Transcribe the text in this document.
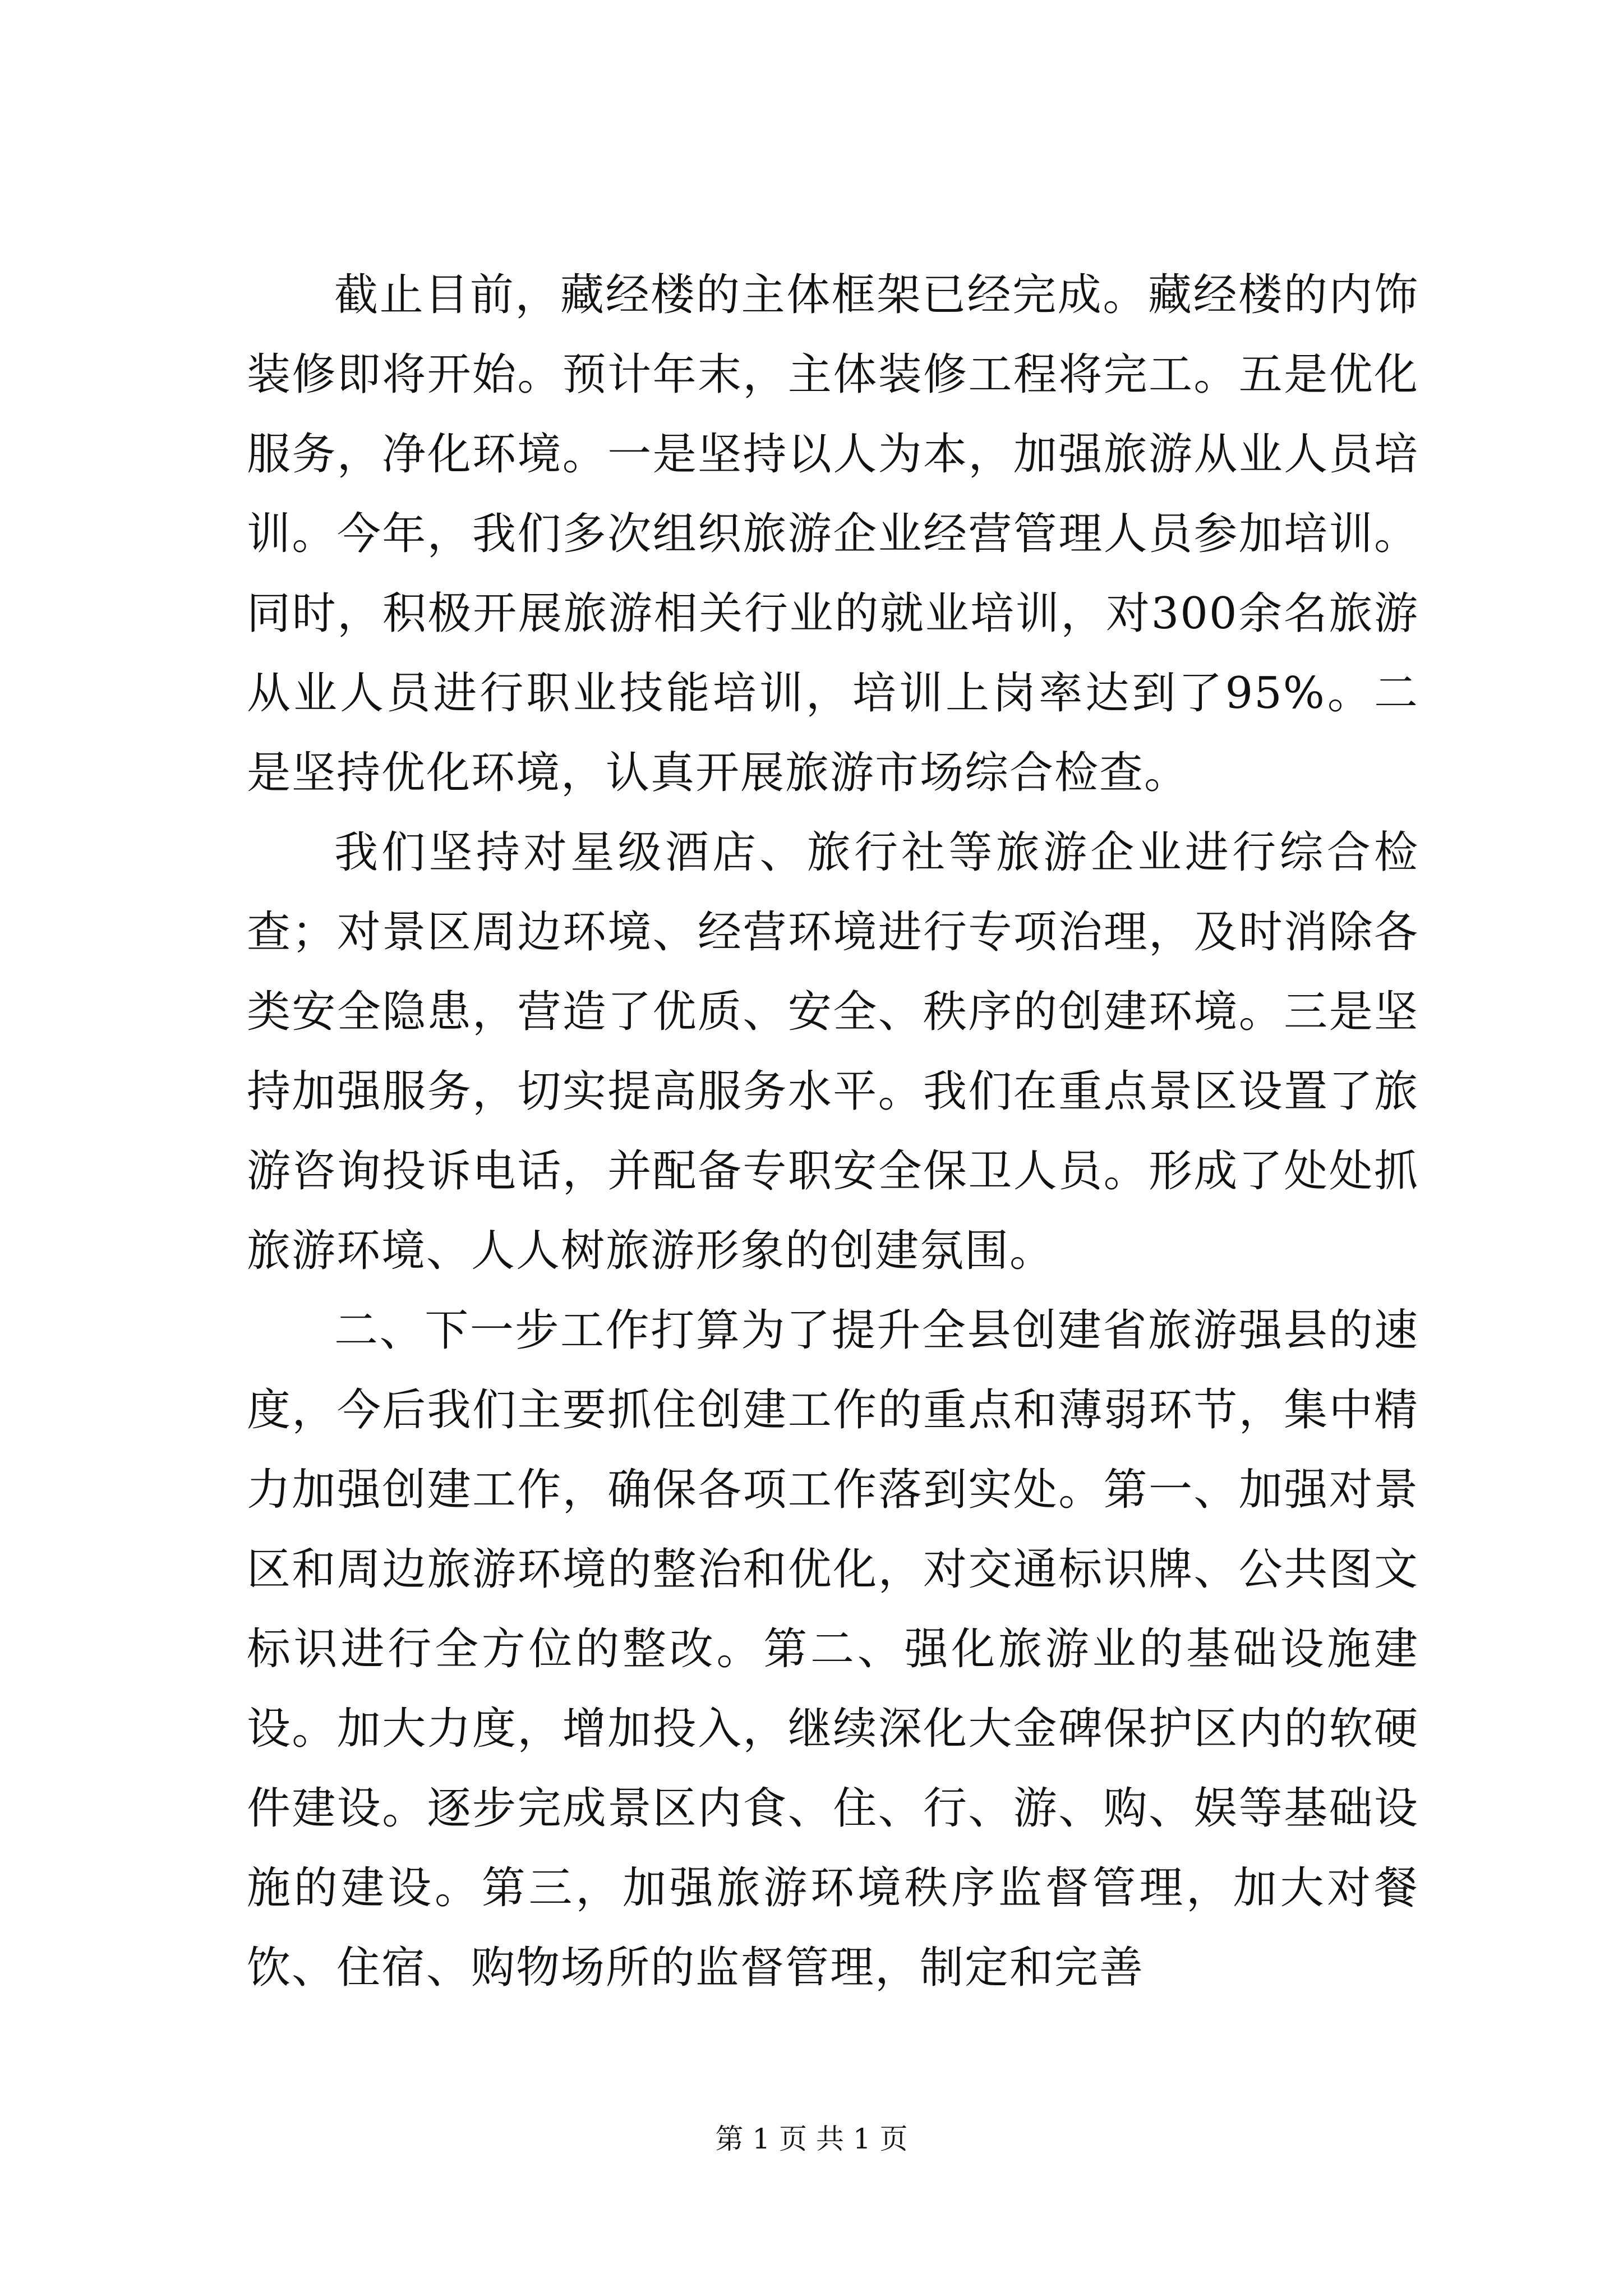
截止目前，藏经楼的主体框架已经完成。藏经楼的内饰装修即将开始。预计年末，主体装修工程将完工。五是优化服务，净化环境。一是坚持以人为本，加强旅游从业人员培训。今年，我们多次组织旅游企业经营管理人员参加培训。同时，积极开展旅游相关行业的就业培训，对300余名旅游从业人员进行职业技能培训，培训上岗率达到了95%。二是坚持优化环境，认真开展旅游市场综合检查。

我们坚持对星级酒店、旅行社等旅游企业进行综合检查；对景区周边环境、经营环境进行专项治理，及时消除各类安全隐患，营造了优质、安全、秩序的创建环境。三是坚持加强服务，切实提高服务水平。我们在重点景区设置了旅游咨询投诉电话，并配备专职安全保卫人员。形成了处处抓旅游环境、人人树旅游形象的创建氛围。

二、下一步工作打算为了提升全县创建省旅游强县的速度，今后我们主要抓住创建工作的重点和薄弱环节，集中精力加强创建工作，确保各项工作落到实处。第一、加强对景区和周边旅游环境的整治和优化，对交通标识牌、公共图文标识进行全方位的整改。第二、强化旅游业的基础设施建设。加大力度，增加投入，继续深化大金碑保护区内的软硬件建设。逐步完成景区内食、住、行、游、购、娱等基础设施的建设。第三，加强旅游环境秩序监督管理，加大对餐饮、住宿、购物场所的监督管理，制定和完善

第 1 页 共 1 页
